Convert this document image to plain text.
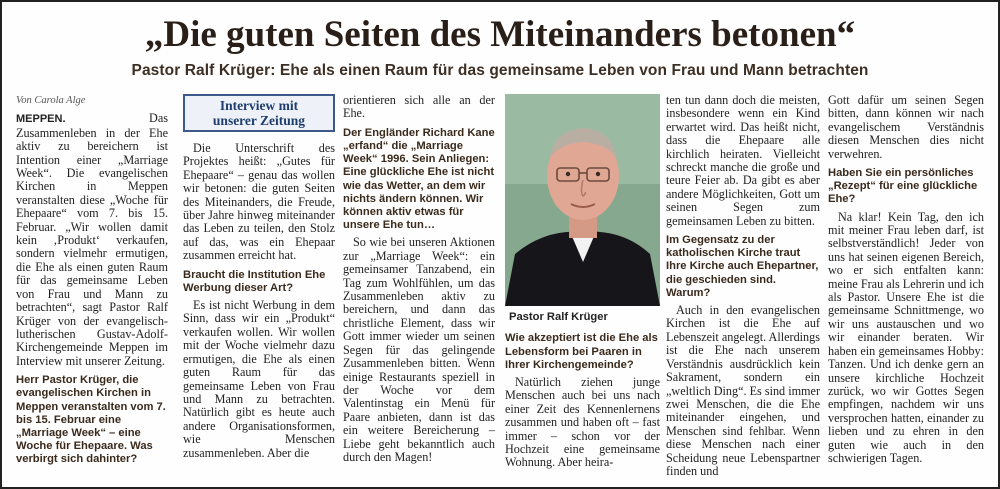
„Die guten Seiten des Miteinanders betonen“
Pastor Ralf Krüger: Ehe als einen Raum für das gemeinsame Leben von Frau und Mann betrachten
Von Carola Alge

MEPPEN.	Das Zusammenleben in der Ehe aktiv zu bereichern ist Intention einer „Marriage Week“. Die evangelischen Kirchen in Meppen veranstalten diese „Woche für Ehepaare“ vom 7. bis 15. Februar. „Wir wollen damit kein ‚Produkt‘ verkaufen, sondern vielmehr ermutigen, die Ehe als einen guten Raum für das gemeinsame Leben von Frau und Mann zu betrachten“, sagt Pastor Ralf Krüger von der evangelisch-lutherischen Gustav-Adolf-Kirchengemeinde Meppen im Interview mit unserer Zeitung.

Herr Pastor Krüger, die evangelischen Kirchen in Meppen veranstalten vom 7. bis 15. Februar eine „Marriage Week“ – eine Woche für Ehepaare. Was verbirgt sich dahinter?
Interview mit
unserer Zeitung

Die Unterschrift des Projektes heißt: „Gutes für Ehepaare“ – genau das wollen wir betonen: die guten Seiten des Miteinanders, die Freude, über Jahre hinweg miteinander das Leben zu teilen, den Stolz auf das, was ein Ehepaar zusammen erreicht hat.

Braucht die Institution Ehe Werbung dieser Art?

Es ist nicht Werbung in dem Sinn, dass wir ein „Produkt“ verkaufen wollen. Wir wollen mit der Woche vielmehr dazu ermutigen, die Ehe als einen guten Raum für das gemeinsame Leben von Frau und Mann zu betrachten. Natürlich gibt es heute auch andere Organisationsformen, wie Menschen zusammenleben. Aber die

orientieren sich alle an der Ehe.

Der Engländer Richard Kane „erfand“ die „Marriage Week“ 1996. Sein Anliegen: Eine glückliche Ehe ist nicht wie das Wetter, an dem wir nichts ändern können. Wir können aktiv etwas für unsere Ehe tun…

So wie bei unseren Aktionen zur „Marriage Week“: ein gemeinsamer Tanzabend, ein Tag zum Wohlfühlen, um das Zusammenleben aktiv zu bereichern, und dann das christliche Element, dass wir Gott immer wieder um seinen Segen für das gelingende Zusammenleben bitten. Wenn einige Restaurants speziell in der Woche vor dem Valentinstag ein Menü für Paare anbieten, dann ist das ein weitere Bereicherung – Liebe geht bekanntlich auch durch den Magen!

Pastor Ralf Krüger
Wie akzeptiert ist die Ehe als Lebensform bei Paaren in Ihrer Kirchengemeinde?

Natürlich ziehen junge Menschen auch bei uns nach einer Zeit des Kennenlernens zusammen und haben oft – fast immer – schon vor der Hochzeit eine gemeinsame Wohnung. Aber heira-

ten tun dann doch die meisten, insbesondere wenn ein Kind erwartet wird. Das heißt nicht, dass die Ehepaare alle kirchlich heiraten. Vielleicht schreckt manche die große und teure Feier ab. Da gibt es aber andere Möglichkeiten, Gott um seinen Segen zum gemeinsamen Leben zu bitten.

Im Gegensatz zu der katholischen Kirche traut Ihre Kirche auch Ehepartner, die geschieden sind. Warum?

Auch in den evangelischen Kirchen ist die Ehe auf Lebenszeit angelegt. Allerdings ist die Ehe nach unserem Verständnis ausdrücklich kein Sakrament, sondern ein „weltlich Ding“. Es sind immer zwei Menschen, die die Ehe miteinander eingehen, und Menschen sind fehlbar. Wenn diese Menschen nach einer Scheidung neue Lebenspartner finden und

Gott dafür um seinen Segen bitten, dann können wir nach evangelischem Verständnis diesen Menschen dies nicht verwehren.

Haben Sie ein persönliches „Rezept“ für eine glückliche Ehe?

Na klar! Kein Tag, den ich mit meiner Frau leben darf, ist selbstverständlich! Jeder von uns hat seinen eigenen Bereich, wo er sich entfalten kann: meine Frau als Lehrerin und ich als Pastor. Unsere Ehe ist die gemeinsame Schnittmenge, wo wir uns austauschen und wo wir einander beraten. Wir haben ein gemeinsames Hobby: Tanzen. Und ich denke gern an unsere kirchliche Hochzeit zurück, wo wir Gottes Segen empfingen, nachdem wir uns versprochen hatten, einander zu lieben und zu ehren in den guten wie auch in den schwierigen Tagen.
